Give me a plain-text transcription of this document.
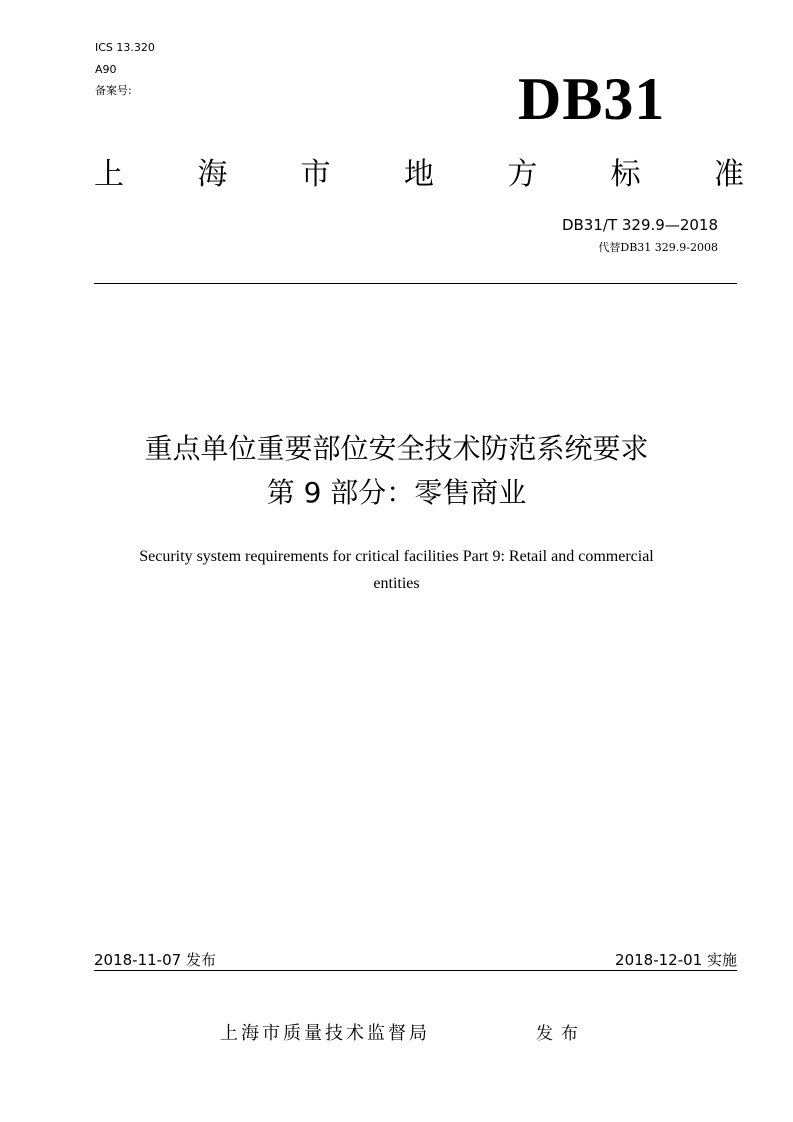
ICS 13.320
A90
备案号:	DB31
上 海 市 地 方 标 准
DB31/T 329.9—2018
代替DB31 329.9-2008
重点单位重要部位安全技术防范系统要求
第 9 部分：零售商业
Security system requirements for critical facilities Part 9: Retail and commercial
entities
2018-11-07 发布	2018-12-01 实施
上海市质量技术监督局	发布
